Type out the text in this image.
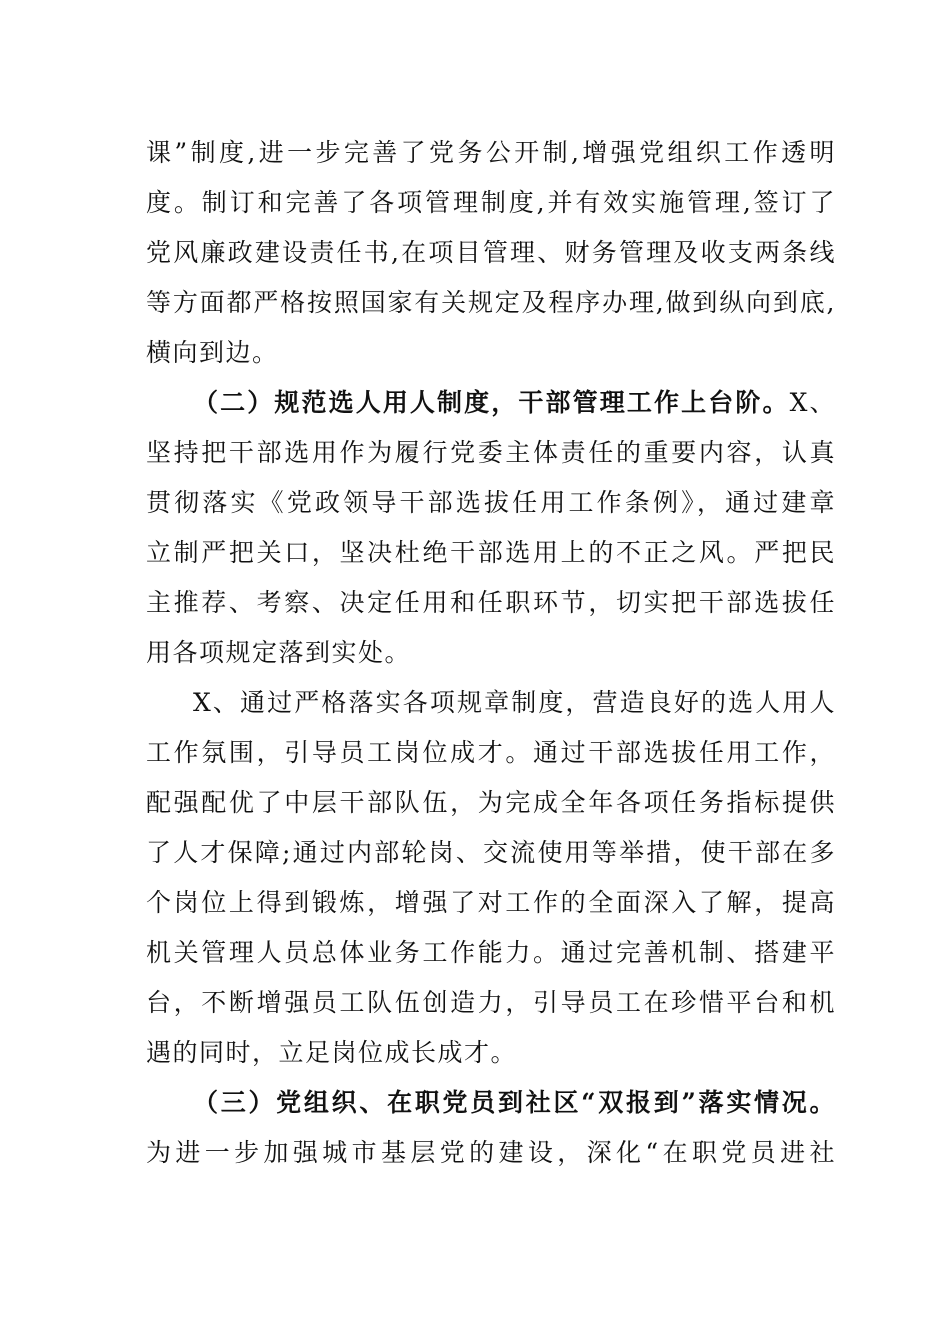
课”制度,进一步完善了党务公开制,增强党组织工作透明
度。制订和完善了各项管理制度,并有效实施管理,签订了
党风廉政建设责任书,在项目管理、财务管理及收支两条线
等方面都严格按照国家有关规定及程序办理,做到纵向到底,
横向到边。
（二）规范选人用人制度，干部管理工作上台阶。X、
坚持把干部选用作为履行党委主体责任的重要内容，认真
贯彻落实《党政领导干部选拔任用工作条例》，通过建章
立制严把关口，坚决杜绝干部选用上的不正之风。严把民
主推荐、考察、决定任用和任职环节，切实把干部选拔任
用各项规定落到实处。
X、通过严格落实各项规章制度，营造良好的选人用人
工作氛围，引导员工岗位成才。通过干部选拔任用工作，
配强配优了中层干部队伍，为完成全年各项任务指标提供
了人才保障;通过内部轮岗、交流使用等举措，使干部在多
个岗位上得到锻炼，增强了对工作的全面深入了解，提高
机关管理人员总体业务工作能力。通过完善机制、搭建平
台，不断增强员工队伍创造力，引导员工在珍惜平台和机
遇的同时，立足岗位成长成才。
（三）党组织、在职党员到社区“双报到”落实情况。
为进一步加强城市基层党的建设，深化“在职党员进社
